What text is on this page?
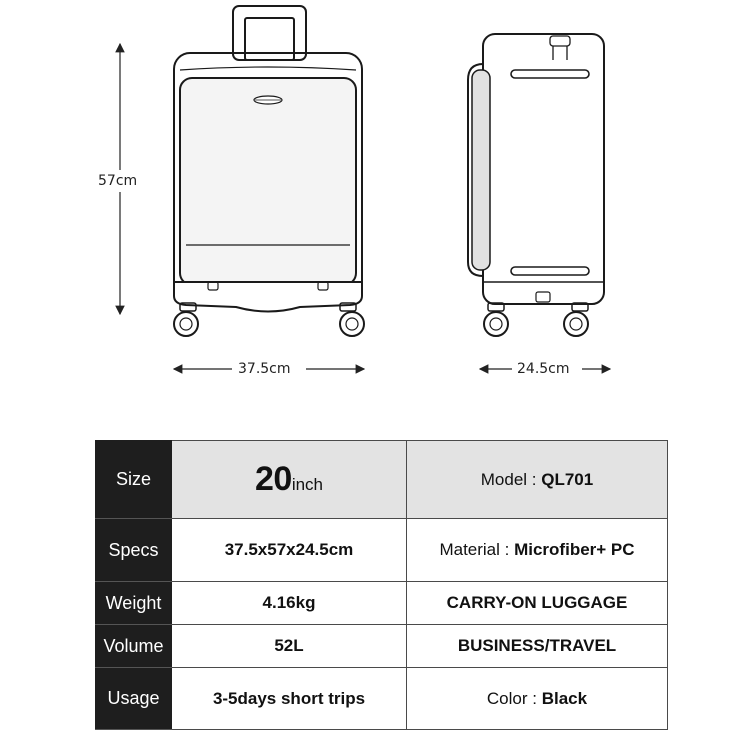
57cm
37.5cm	24.5cm
Size	20inch	Model : QL701
Specs	37.5x57x24.5cm	Material : Microfiber+ PC
Weight	4.16kg	CARRY-ON LUGGAGE
Volume	52L	BUSINESS/TRAVEL
Usage	3-5days short trips	Color : Black
